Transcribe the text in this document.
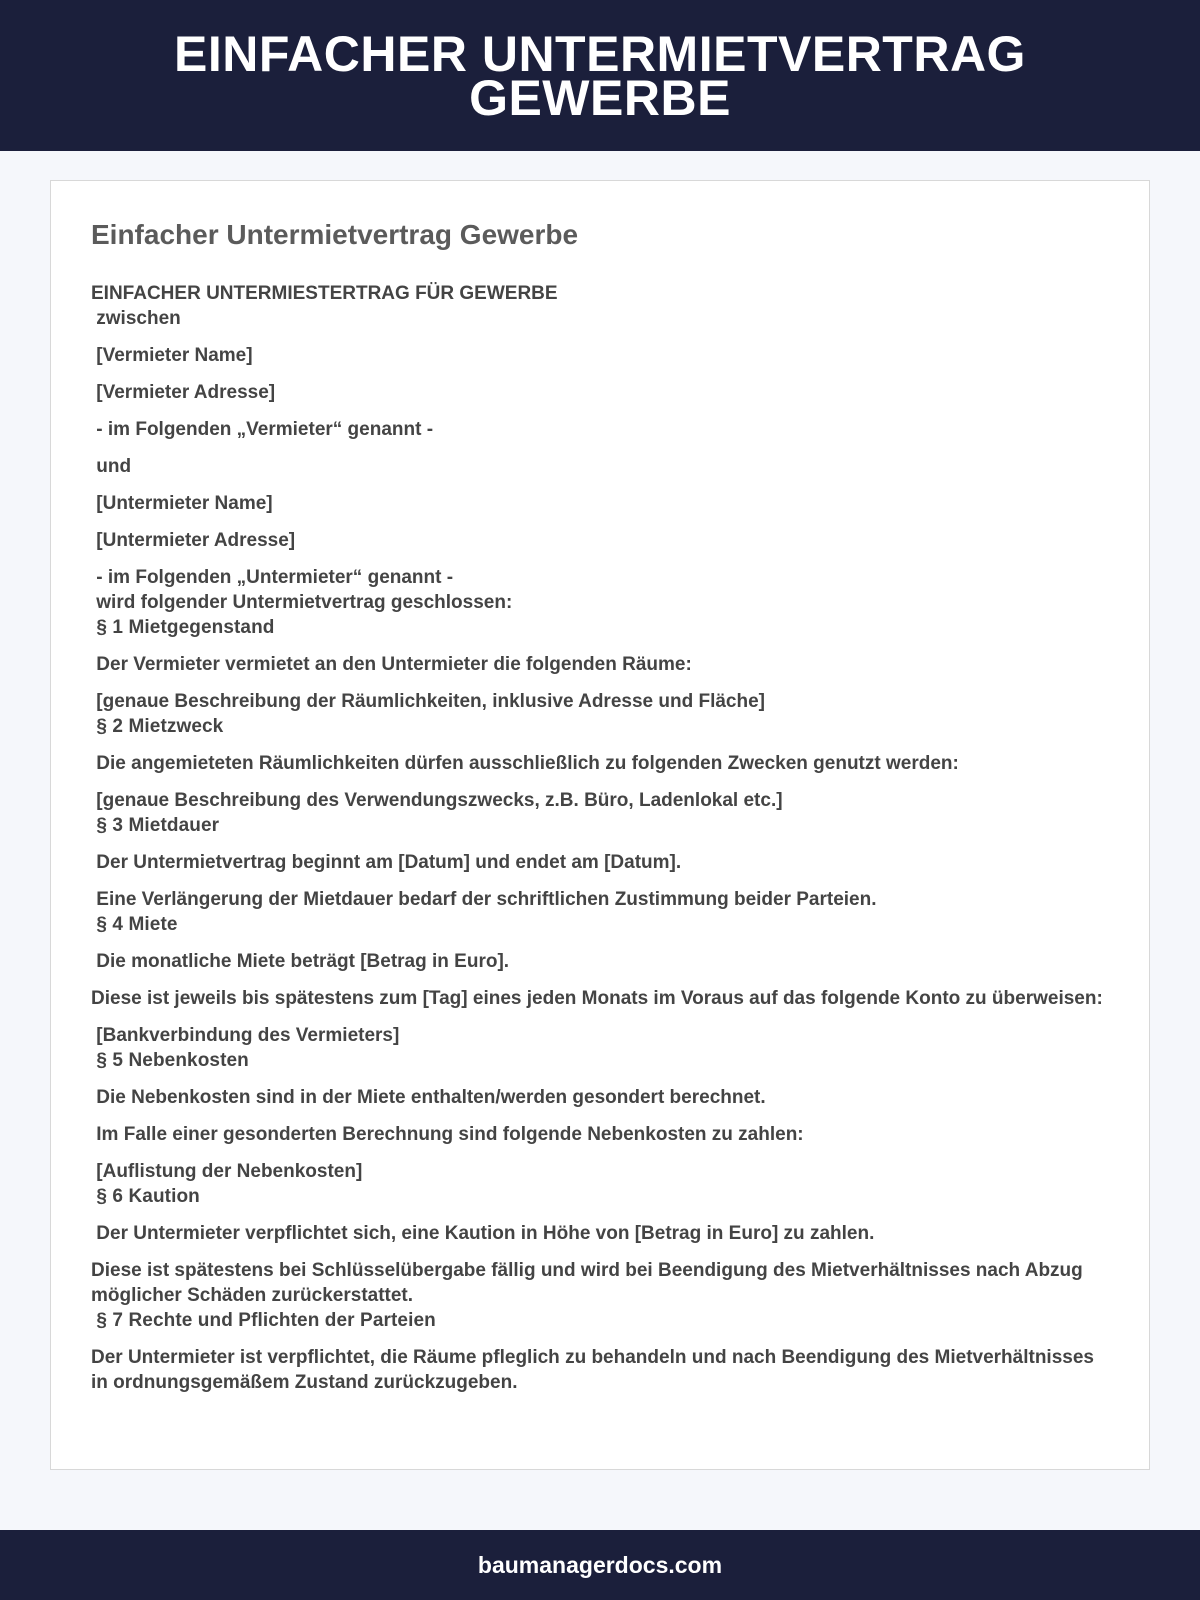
EINFACHER UNTERMIETVERTRAG GEWERBE
Einfacher Untermietvertrag Gewerbe
EINFACHER UNTERMIESTERTRAG FÜR GEWERBE
zwischen
[Vermieter Name]
[Vermieter Adresse]
- im Folgenden „Vermieter“ genannt -
und
[Untermieter Name]
[Untermieter Adresse]
- im Folgenden „Untermieter“ genannt -
wird folgender Untermietvertrag geschlossen:
§ 1 Mietgegenstand
Der Vermieter vermietet an den Untermieter die folgenden Räume:
[genaue Beschreibung der Räumlichkeiten, inklusive Adresse und Fläche]
§ 2 Mietzweck
Die angemieteten Räumlichkeiten dürfen ausschließlich zu folgenden Zwecken genutzt werden:
[genaue Beschreibung des Verwendungszwecks, z.B. Büro, Ladenlokal etc.]
§ 3 Mietdauer
Der Untermietvertrag beginnt am [Datum] und endet am [Datum].
Eine Verlängerung der Mietdauer bedarf der schriftlichen Zustimmung beider Parteien.
§ 4 Miete
Die monatliche Miete beträgt [Betrag in Euro].
Diese ist jeweils bis spätestens zum [Tag] eines jeden Monats im Voraus auf das folgende Konto zu überweisen:
[Bankverbindung des Vermieters]
§ 5 Nebenkosten
Die Nebenkosten sind in der Miete enthalten/werden gesondert berechnet.
Im Falle einer gesonderten Berechnung sind folgende Nebenkosten zu zahlen:
[Auflistung der Nebenkosten]
§ 6 Kaution
Der Untermieter verpflichtet sich, eine Kaution in Höhe von [Betrag in Euro] zu zahlen.
Diese ist spätestens bei Schlüsselübergabe fällig und wird bei Beendigung des Mietverhältnisses nach Abzug möglicher Schäden zurückerstattet.
§ 7 Rechte und Pflichten der Parteien
Der Untermieter ist verpflichtet, die Räume pfleglich zu behandeln und nach Beendigung des Mietverhältnisses in ordnungsgemäßem Zustand zurückzugeben.
baumanagerdocs.com
